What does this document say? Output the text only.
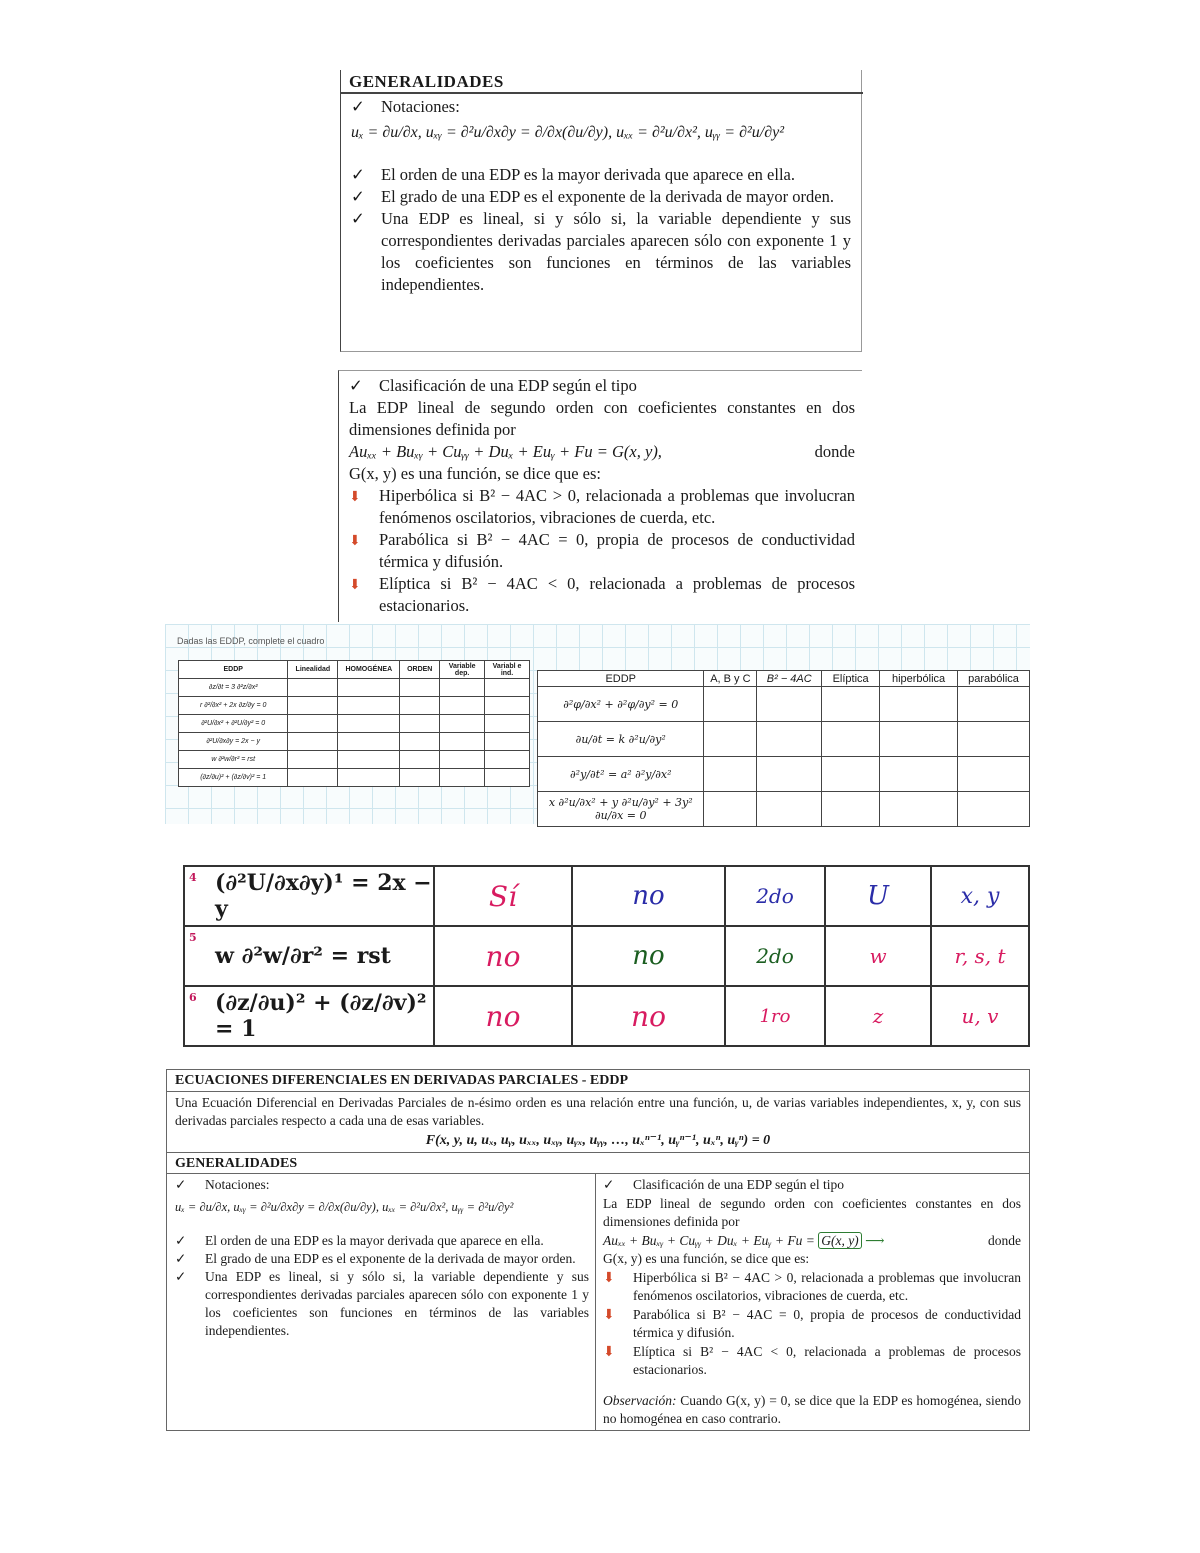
GENERALIDADES
✓ Notaciones:
uₓ = ∂u/∂x, uₓᵧ = ∂²u/∂x∂y = ∂/∂x(∂u/∂y), uₓₓ = ∂²u/∂x², uᵧᵧ = ∂²u/∂y²
✓ El orden de una EDP es la mayor derivada que aparece en ella.
✓ El grado de una EDP es el exponente de la derivada de mayor orden.
✓ Una EDP es lineal, si y sólo si, la variable dependiente y sus correspondientes derivadas parciales aparecen sólo con exponente 1 y los coeficientes son funciones en términos de las variables independientes.
✓ Clasificación de una EDP según el tipo
La EDP lineal de segundo orden con coeficientes constantes en dos dimensiones definida por
Auₓₓ + Buₓᵧ + Cuᵧᵧ + Duₓ + Euᵧ + Fu = G(x, y),	donde
G(x, y) es una función, se dice que es:
⬇
Hiperbólica si B² − 4AC > 0, relacionada a problemas que involucran fenómenos oscilatorios, vibraciones de cuerda, etc.
⬇
Parabólica si B² − 4AC = 0, propia de procesos de conductividad térmica y difusión.
⬇
Elíptica si B² − 4AC < 0, relacionada a problemas de procesos estacionarios.
Dadas las EDDP, complete el cuadro
EDDP	Linealidad	HOMOGÉNEA	ORDEN	Variable dep.	Variabl e ind.
∂z/∂t = 3 ∂²z/∂x²					
r ∂²/∂x² + 2x ∂z/∂y = 0					
∂²U/∂x² + ∂²U/∂y² = 0					
∂²U/∂x∂y = 2x − y					
w ∂²w/∂r² = rst					
(∂z/∂u)² + (∂z/∂v)² = 1					
EDDP	A, B y C	B² − 4AC	Elíptica	hiperbólica	parabólica
∂²φ/∂x² + ∂²φ/∂y² = 0					
∂u/∂t = k ∂²u/∂y²					
∂²y/∂t² = a² ∂²y/∂x²					
x ∂²u/∂x² + y ∂²u/∂y² + 3y² ∂u/∂x = 0					
4 (∂²U/∂x∂y)¹ = 2x − y	Sí	no	2do	U	x, y

5
w ∂²w/∂r² = rst	no	no	2do	w	r, s, t

6 (∂z/∂u)² + (∂z/∂v)² = 1	no	no	1ro	z	u, v
ECUACIONES DIFERENCIALES EN DERIVADAS PARCIALES - EDDP
Una Ecuación Diferencial en Derivadas Parciales de n-ésimo orden es una relación entre una función, u, de varias variables independientes, x, y, con sus derivadas parciales respecto a cada una de esas variables.
F(x, y, u, uₓ, uᵧ, uₓₓ, uₓᵧ, uᵧₓ, uᵧᵧ, …, uₓⁿ⁻¹, uᵧⁿ⁻¹, uₓⁿ, uᵧⁿ) = 0
GENERALIDADES
✓ Notaciones:
uₓ = ∂u/∂x, uₓᵧ = ∂²u/∂x∂y = ∂/∂x(∂u/∂y), uₓₓ = ∂²u/∂x², uᵧᵧ = ∂²u/∂y²
✓	El orden de una EDP es la mayor derivada que aparece en ella.
✓	El grado de una EDP es el exponente de la derivada de mayor orden.
✓	Una EDP es lineal, si y sólo si, la variable dependiente y sus correspondientes derivadas parciales aparecen sólo con exponente 1 y los coeficientes son funciones en términos de las variables independientes.
✓ Clasificación de una EDP según el tipo
La EDP lineal de segundo orden con coeficientes constantes en dos dimensiones definida por
Auₓₓ + Buₓᵧ + Cuᵧᵧ + Duₓ + Euᵧ + Fu = G(x, y) ⟶	donde
G(x, y) es una función, se dice que es:
⬇
Hiperbólica si B² − 4AC > 0, relacionada a problemas que involucran fenómenos oscilatorios, vibraciones de cuerda, etc.
⬇
Parabólica si B² − 4AC = 0, propia de procesos de conductividad térmica y difusión.
⬇
Elíptica si B² − 4AC < 0, relacionada a problemas de procesos estacionarios.
Observación: Cuando G(x, y) = 0, se dice que la EDP es homogénea, siendo no homogénea en caso contrario.
